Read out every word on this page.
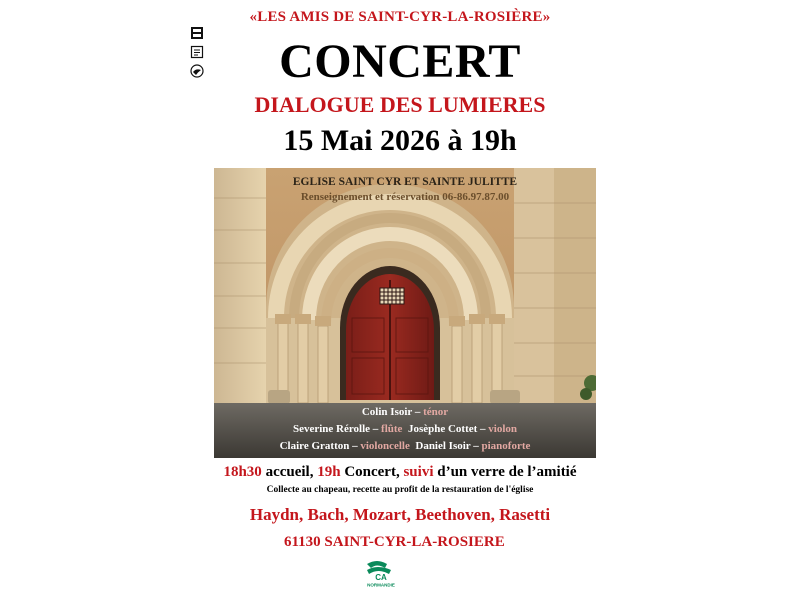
«LES AMIS DE SAINT-CYR-LA-ROSIÈRE»
CONCERT
DIALOGUE DES LUMIERES
15 Mai 2026 à 19h
EGLISE SAINT CYR ET SAINTE JULITTE
Renseignement et réservation 06-86.97.87.00
Colin Isoir – ténor
Severine Rérolle – flûte Josèphe Cottet – violon
Claire Gratton – violoncelle Daniel Isoir – pianoforte
18h30 accueil, 19h Concert, suivi d’un verre de l’amitié
Collecte au chapeau, recette au profit de la restauration de l'église
Haydn, Bach, Mozart, Beethoven, Rasetti
61130 SAINT-CYR-LA-ROSIERE
CA
NORMANDIE
